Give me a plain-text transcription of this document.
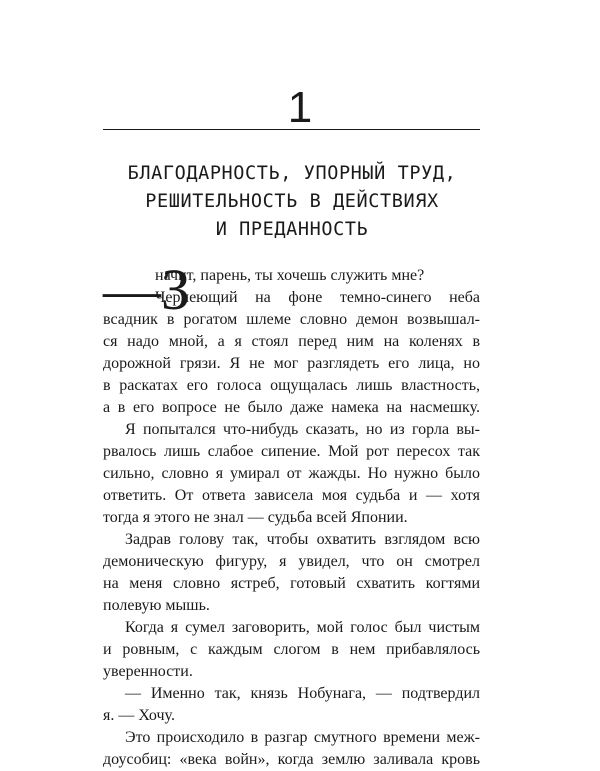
1
БЛАГОДАРНОСТЬ, УПОРНЫЙ ТРУД,
РЕШИТЕЛЬНОСТЬ В ДЕЙСТВИЯХ
И ПРЕДАННОСТЬ

—З
начит, парень, ты хочешь служить мне?
Чернеющий на фоне темно-синего неба
всадник в рогатом шлеме словно демон возвышал-
ся надо мной, а я стоял перед ним на коленях в
дорожной грязи. Я не мог разглядеть его лица, но
в раскатах его голоса ощущалась лишь властность,
а в его вопросе не было даже намека на насмешку.

Я попытался что-нибудь сказать, но из горла вы-
рвалось лишь слабое сипение. Мой рот пересох так
сильно, словно я умирал от жажды. Но нужно было
ответить. От ответа зависела моя судьба и — хотя
тогда я этого не знал — судьба всей Японии.

Задрав голову так, чтобы охватить взглядом всю
демоническую фигуру, я увидел, что он смотрел
на меня словно ястреб, готовый схватить когтями
полевую мышь.

Когда я сумел заговорить, мой голос был чистым
и ровным, с каждым слогом в нем прибавлялось
уверенности.

— Именно так, князь Нобунага, — подтвердил
я. — Хочу.

Это происходило в разгар смутного времени меж-
доусобиц: «века войн», когда землю заливала кровь
